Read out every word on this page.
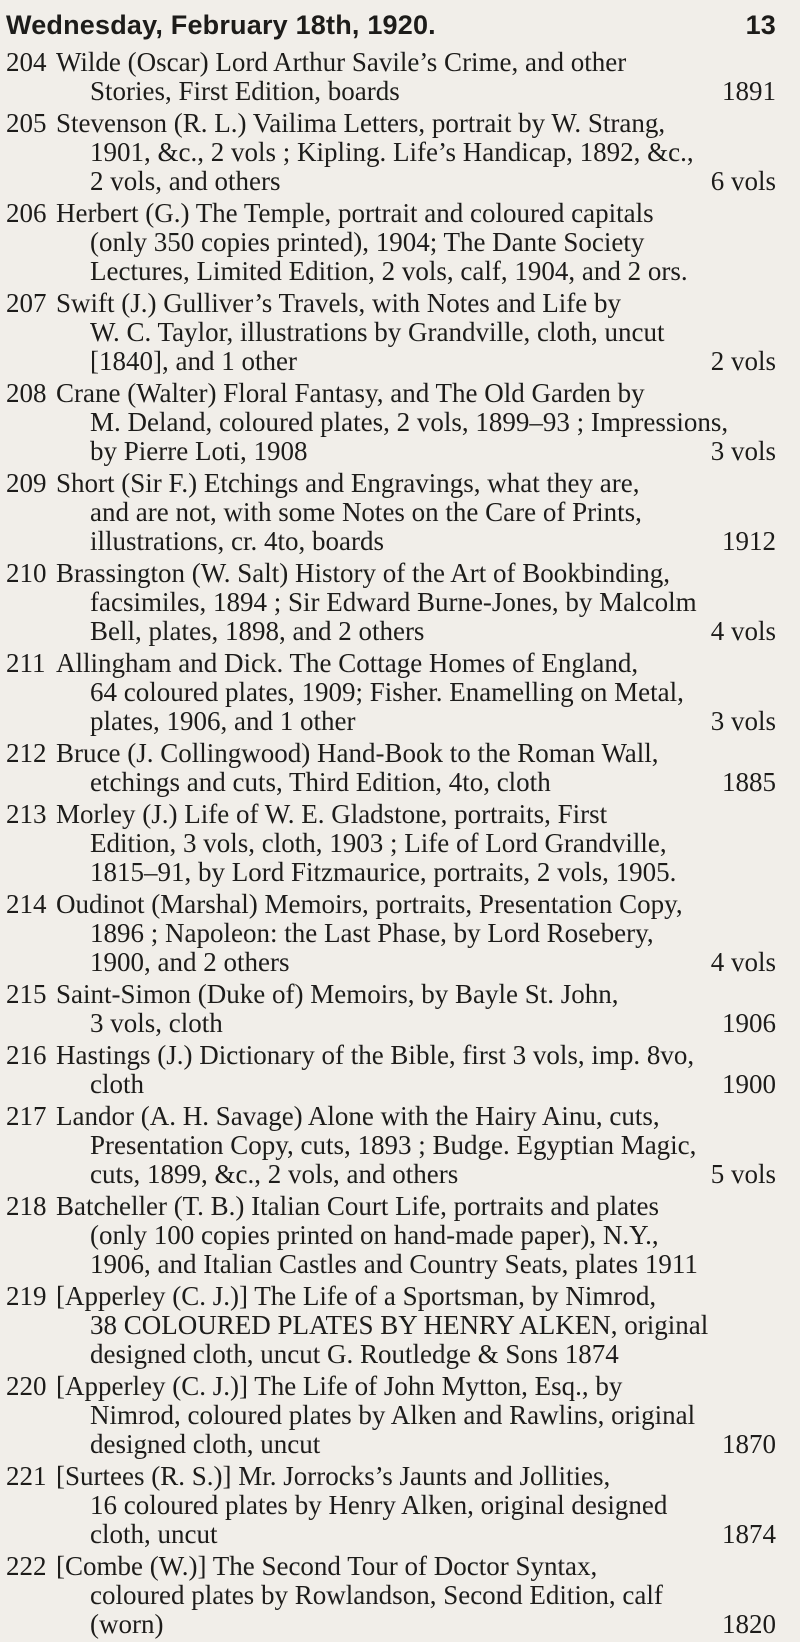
Wednesday, February 18th, 1920.	13
204 Wilde (Oscar) Lord Arthur Savile’s Crime, and other
Stories, First Edition, boards	1891
205 Stevenson (R. L.) Vailima Letters, portrait by W. Strang,
1901, &c., 2 vols ; Kipling. Life’s Handicap, 1892, &c.,
2 vols, and others	6 vols
206 Herbert (G.) The Temple, portrait and coloured capitals
(only 350 copies printed), 1904; The Dante Society
Lectures, Limited Edition, 2 vols, calf, 1904, and 2 ors.
207 Swift (J.) Gulliver’s Travels, with Notes and Life by
W. C. Taylor, illustrations by Grandville, cloth, uncut
[1840], and 1 other	2 vols
208 Crane (Walter) Floral Fantasy, and The Old Garden by
M. Deland, coloured plates, 2 vols, 1899–93 ; Impressions,
by Pierre Loti, 1908	3 vols
209 Short (Sir F.) Etchings and Engravings, what they are,
and are not, with some Notes on the Care of Prints,
illustrations, cr. 4to, boards	1912
210 Brassington (W. Salt) History of the Art of Bookbinding,
facsimiles, 1894 ; Sir Edward Burne-Jones, by Malcolm
Bell, plates, 1898, and 2 others	4 vols
211 Allingham and Dick. The Cottage Homes of England,
64 coloured plates, 1909; Fisher. Enamelling on Metal,
plates, 1906, and 1 other	3 vols
212 Bruce (J. Collingwood) Hand-Book to the Roman Wall,
etchings and cuts, Third Edition, 4to, cloth	1885
213 Morley (J.) Life of W. E. Gladstone, portraits, First
Edition, 3 vols, cloth, 1903 ; Life of Lord Grandville,
1815–91, by Lord Fitzmaurice, portraits, 2 vols, 1905.
214 Oudinot (Marshal) Memoirs, portraits, Presentation Copy,
1896 ; Napoleon: the Last Phase, by Lord Rosebery,
1900, and 2 others	4 vols
215 Saint-Simon (Duke of) Memoirs, by Bayle St. John,
3 vols, cloth	1906
216 Hastings (J.) Dictionary of the Bible, first 3 vols, imp. 8vo,
cloth	1900
217 Landor (A. H. Savage) Alone with the Hairy Ainu, cuts,
Presentation Copy, cuts, 1893 ; Budge. Egyptian Magic,
cuts, 1899, &c., 2 vols, and others	5 vols
218 Batcheller (T. B.) Italian Court Life, portraits and plates
(only 100 copies printed on hand-made paper), N.Y.,
1906, and Italian Castles and Country Seats, plates 1911
219 [Apperley (C. J.)] The Life of a Sportsman, by Nimrod,
38 COLOURED PLATES BY HENRY ALKEN, original
designed cloth, uncut G. Routledge & Sons 1874
220 [Apperley (C. J.)] The Life of John Mytton, Esq., by
Nimrod, coloured plates by Alken and Rawlins, original
designed cloth, uncut	1870
221 [Surtees (R. S.)] Mr. Jorrocks’s Jaunts and Jollities,
16 coloured plates by Henry Alken, original designed
cloth, uncut	1874
222 [Combe (W.)] The Second Tour of Doctor Syntax,
coloured plates by Rowlandson, Second Edition, calf
(worn)	1820
